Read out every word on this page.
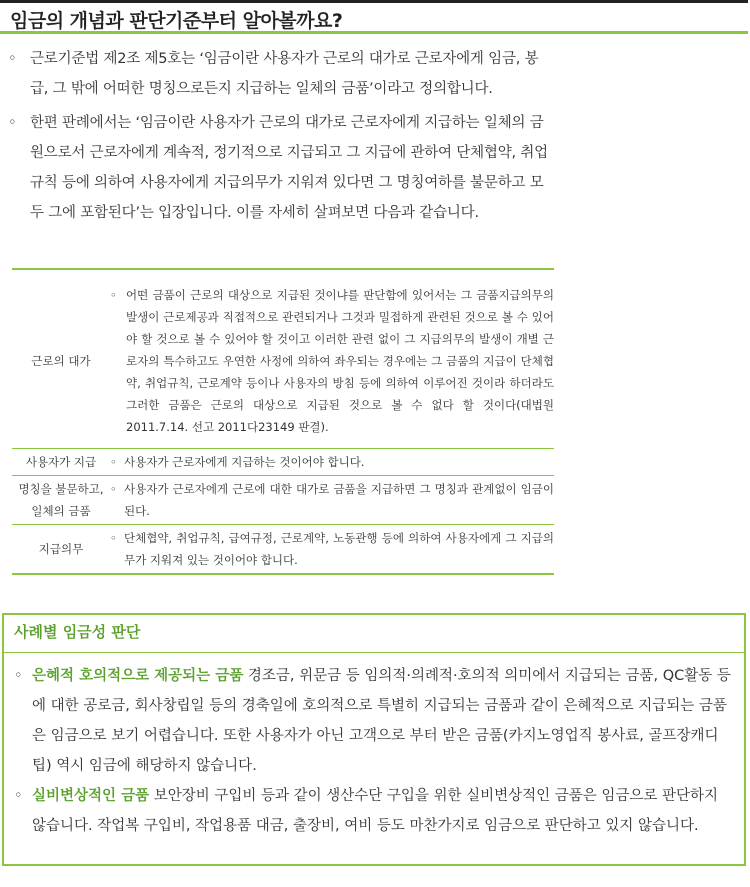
임금의 개념과 판단기준부터 알아볼까요?
◦ 근로기준법 제2조 제5호는 ‘임금이란 사용자가 근로의 대가로 근로자에게 임금, 봉급, 그 밖에 어떠한 명칭으로든지 지급하는 일체의 금품’이라고 정의합니다.
◦ 한편 판례에서는 ‘임금이란 사용자가 근로의 대가로 근로자에게 지급하는 일체의 금원으로서 근로자에게 계속적, 정기적으로 지급되고 그 지급에 관하여 단체협약, 취업규칙 등에 의하여 사용자에게 지급의무가 지워져 있다면 그 명칭여하를 불문하고 모두 그에 포함된다’는 입장입니다. 이를 자세히 살펴보면 다음과 같습니다.
근로의 대가	◦ 어떤 금품이 근로의 대상으로 지급된 것이냐를 판단함에 있어서는 그 금품지급의무의 발생이 근로제공과 직접적으로 관련되거나 그것과 밀접하게 관련된 것으로 볼 수 있어야 할 것으로 볼 수 있어야 할 것이고 이러한 관련 없이 그 지급의무의 발생이 개별 근로자의 특수하고도 우연한 사정에 의하여 좌우되는 경우에는 그 금품의 지급이 단체협약, 취업규칙, 근로계약 등이나 사용자의 방침 등에 의하여 이루어진 것이라 하더라도 그러한 금품은 근로의 대상으로 지급된 것으로 볼 수 없다 할 것이다(대법원 2011.7.14. 선고 2011다23149 판결).

사용자가 지급	◦ 사용자가 근로자에게 지급하는 것이어야 합니다.

명칭을 불문하고, 일체의 금품	◦ 사용자가 근로자에게 근로에 대한 대가로 금품을 지급하면 그 명칭과 관계없이 임금이 된다.

지급의무	◦ 단체협약, 취업규칙, 급여규정, 근로계약, 노동관행 등에 의하여 사용자에게 그 지급의무가 지워져 있는 것이어야 합니다.
사례별 임금성 판단
◦ 은혜적 호의적으로 제공되는 금품 경조금, 위문금 등 임의적·의례적·호의적 의미에서 지급되는 금품, QC활동 등에 대한 공로금, 회사창립일 등의 경축일에 호의적으로 특별히 지급되는 금품과 같이 은혜적으로 지급되는 금품은 임금으로 보기 어렵습니다. 또한 사용자가 아닌 고객으로 부터 받은 금품(카지노영업직 봉사료, 골프장캐디 팁) 역시 임금에 해당하지 않습니다.
◦ 실비변상적인 금품 보안장비 구입비 등과 같이 생산수단 구입을 위한 실비변상적인 금품은 임금으로 판단하지 않습니다. 작업복 구입비, 작업용품 대금, 출장비, 여비 등도 마찬가지로 임금으로 판단하고 있지 않습니다.
